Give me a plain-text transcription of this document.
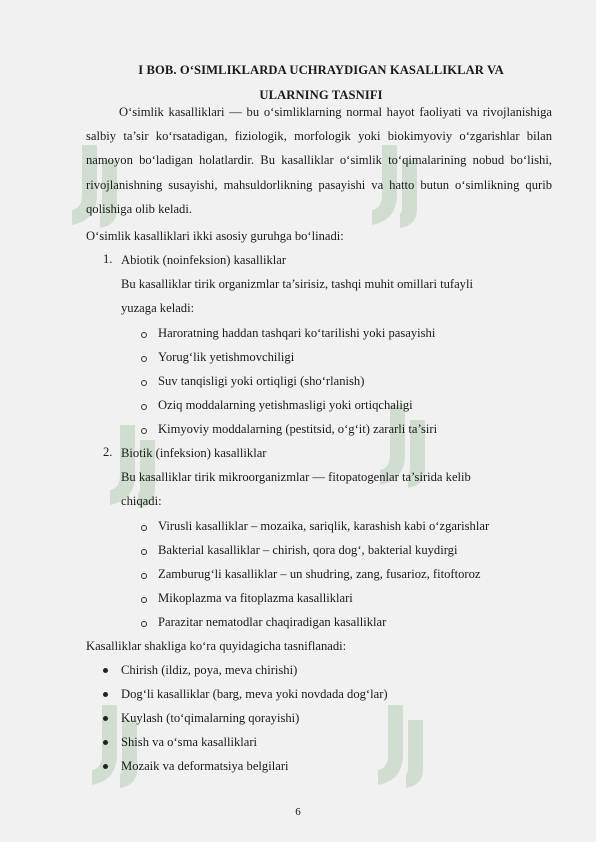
I BOB. O‘SIMLIKLARDA UCHRAYDIGAN KASALLIKLAR VA
ULARNING TASNIFI
O‘simlik kasalliklari — bu o‘simliklarning normal hayot faoliyati va rivojlanishiga salbiy ta’sir ko‘rsatadigan, fiziologik, morfologik yoki biokimyoviy o‘zgarishlar bilan namoyon bo‘ladigan holatlardir. Bu kasalliklar o‘simlik to‘qimalarining nobud bo‘lishi, rivojlanishning susayishi, mahsuldorlikning pasayishi va hatto butun o‘simlikning qurib qolishiga olib keladi.
O‘simlik kasalliklari ikki asosiy guruhga bo‘linadi:
1. Abiotik (noinfeksion) kasalliklar
Bu kasalliklar tirik organizmlar ta’sirisiz, tashqi muhit omillari tufayli
yuzaga keladi:
Haroratning haddan tashqari ko‘tarilishi yoki pasayishi
Yorug‘lik yetishmovchiligi
Suv tanqisligi yoki ortiqligi (sho‘rlanish)
Oziq moddalarning yetishmasligi yoki ortiqchaligi
Kimyoviy moddalarning (pestitsid, o‘g‘it) zararli ta’siri
2. Biotik (infeksion) kasalliklar
Bu kasalliklar tirik mikroorganizmlar — fitopatogenlar ta’sirida kelib
chiqadi:
Virusli kasalliklar – mozaika, sariqlik, karashish kabi o‘zgarishlar
Bakterial kasalliklar – chirish, qora dog‘, bakterial kuydirgi
Zamburug‘li kasalliklar – un shudring, zang, fusarioz, fitoftoroz
Mikoplazma va fitoplazma kasalliklari
Parazitar nematodlar chaqiradigan kasalliklar
Kasalliklar shakliga ko‘ra quyidagicha tasniflanadi:
Chirish (ildiz, poya, meva chirishi)
Dog‘li kasalliklar (barg, meva yoki novdada dog‘lar)
Kuylash (to‘qimalarning qorayishi)
Shish va o‘sma kasalliklari
Mozaik va deformatsiya belgilari
6
